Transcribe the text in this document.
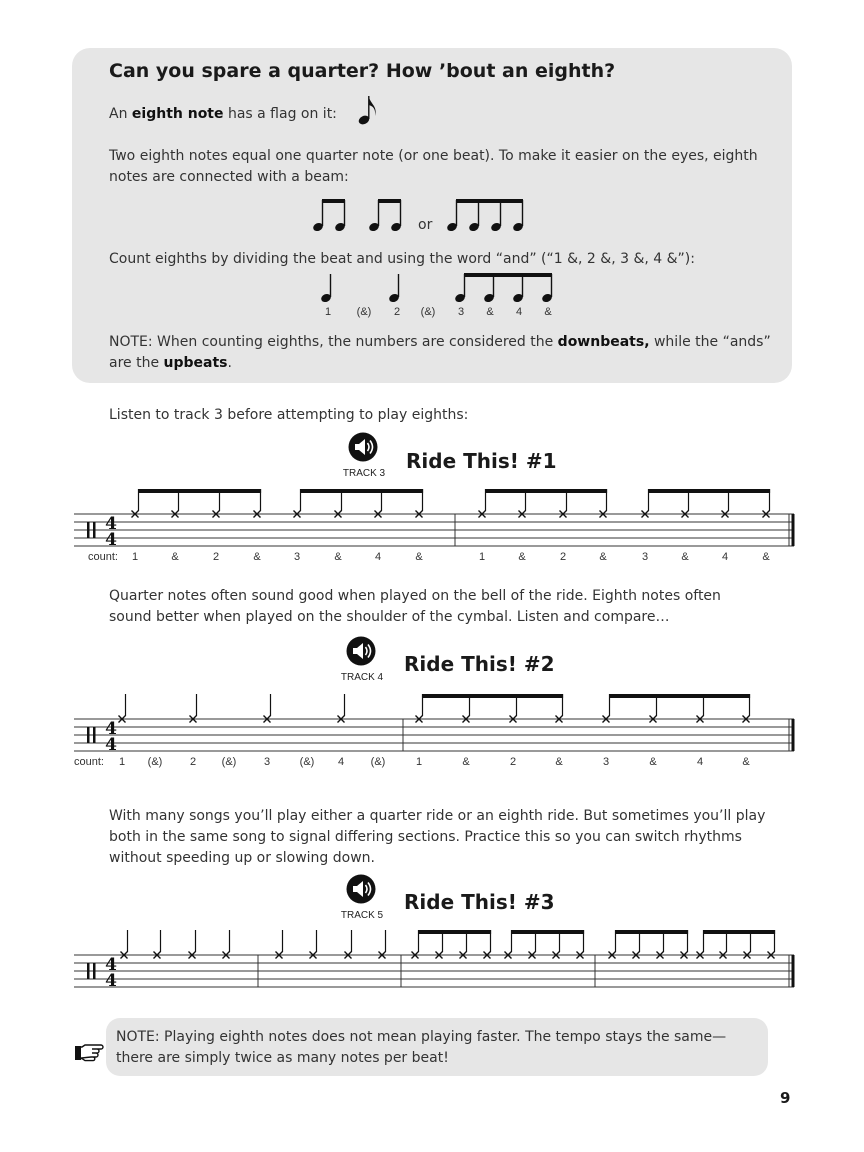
Can you spare a quarter? How ’bout an eighth?

An eighth note has a flag on it:

Two eighth notes equal one quarter note (or one beat). To make it easier on the eyes, eighth

notes are connected with a beam:

or

Count eighths by dividing the beat and using the word “and” (“1 &, 2 &, 3 &, 4 &”):

1	(&)	2	(&)	3	&	4	&

NOTE: When counting eighths, the numbers are considered the downbeats, while the “ands”

are the upbeats.

Listen to track 3 before attempting to play eighths:

TRACK 3
Ride This! #1
4
4
4
4
4
4
count:	1	&	2	&	3	&	4	&	1	&	2	&	3	&	4	&

Quarter notes often sound good when played on the bell of the ride. Eighth notes often

sound better when played on the shoulder of the cymbal. Listen and compare…

TRACK 4
Ride This! #2
count:	1	(&)	2	(&)	3	(&)	4	(&)	1	&	2	&	3	&	4	&

With many songs you’ll play either a quarter ride or an eighth ride. But sometimes you’ll play

both in the same song to signal differing sections. Practice this so you can switch rhythms

without speeding up or slowing down.

TRACK 5
Ride This! #3

NOTE: Playing eighth notes does not mean playing faster. The tempo stays the same—

there are simply twice as many notes per beat!

9
